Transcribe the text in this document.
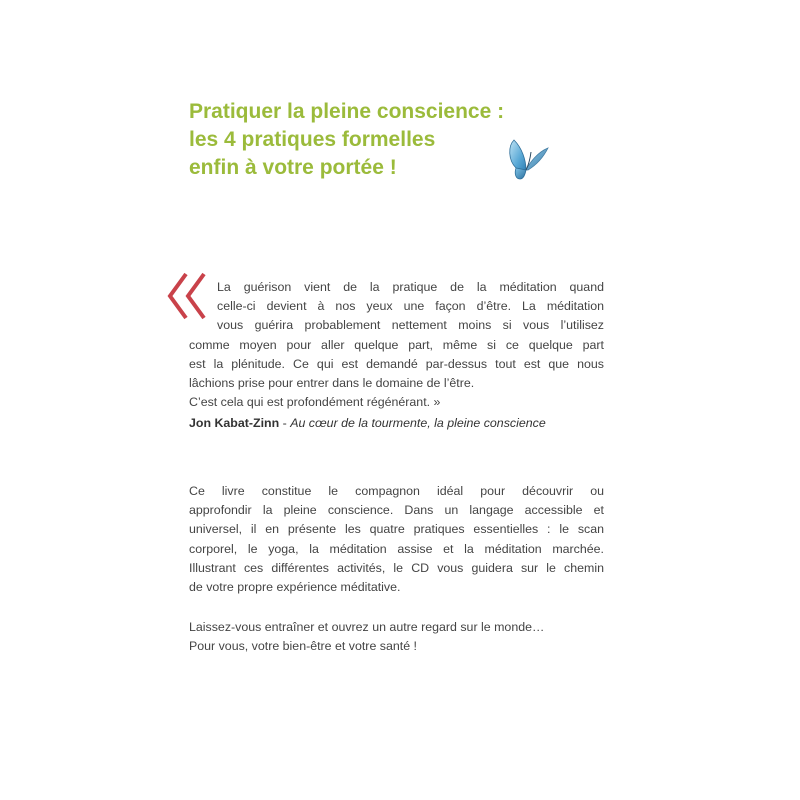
Pratiquer la pleine conscience :
les 4 pratiques formelles
enfin à votre portée !
La guérison vient de la pratique de la méditation quand
celle-ci devient à nos yeux une façon d’être. La méditation
vous guérira probablement nettement moins si vous l’utilisez
comme moyen pour aller quelque part, même si ce quelque part
est la plénitude. Ce qui est demandé par-dessus tout est que nous
lâchions prise pour entrer dans le domaine de l’être.
C’est cela qui est profondément régénérant. »
Jon Kabat-Zinn - Au cœur de la tourmente, la pleine conscience
Ce livre constitue le compagnon idéal pour découvrir ou
approfondir la pleine conscience. Dans un langage accessible et
universel, il en présente les quatre pratiques essentielles : le scan
corporel, le yoga, la méditation assise et la méditation marchée.
Illustrant ces différentes activités, le CD vous guidera sur le chemin
de votre propre expérience méditative.
Laissez-vous entraîner et ouvrez un autre regard sur le monde…
Pour vous, votre bien-être et votre santé !
